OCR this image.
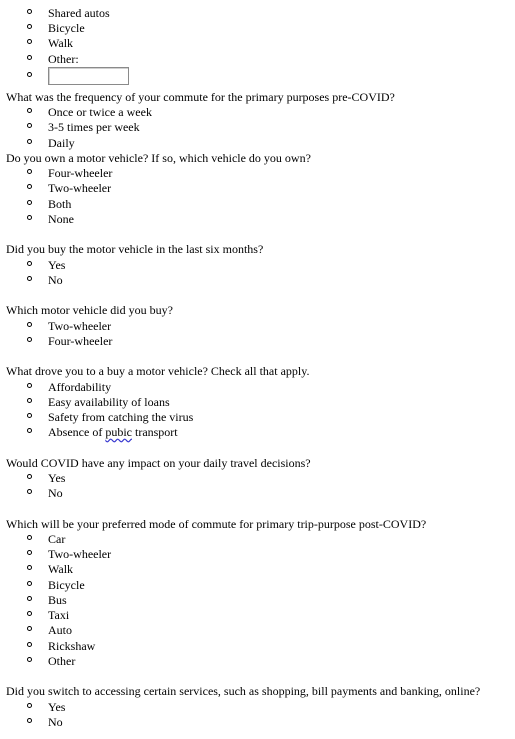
Shared autos
Bicycle
Walk
Other:
What was the frequency of your commute for the primary purposes pre-COVID?
Once or twice a week
3-5 times per week
Daily
Do you own a motor vehicle? If so, which vehicle do you own?
Four-wheeler
Two-wheeler
Both
None
Did you buy the motor vehicle in the last six months?
Yes
No
Which motor vehicle did you buy?
Two-wheeler
Four-wheeler
What drove you to a buy a motor vehicle? Check all that apply.
Affordability
Easy availability of loans
Safety from catching the virus
Absence of pubic transport
Would COVID have any impact on your daily travel decisions?
Yes
No
Which will be your preferred mode of commute for primary trip-purpose post-COVID?
Car
Two-wheeler
Walk
Bicycle
Bus
Taxi
Auto
Rickshaw
Other
Did you switch to accessing certain services, such as shopping, bill payments and banking, online?
Yes
No
